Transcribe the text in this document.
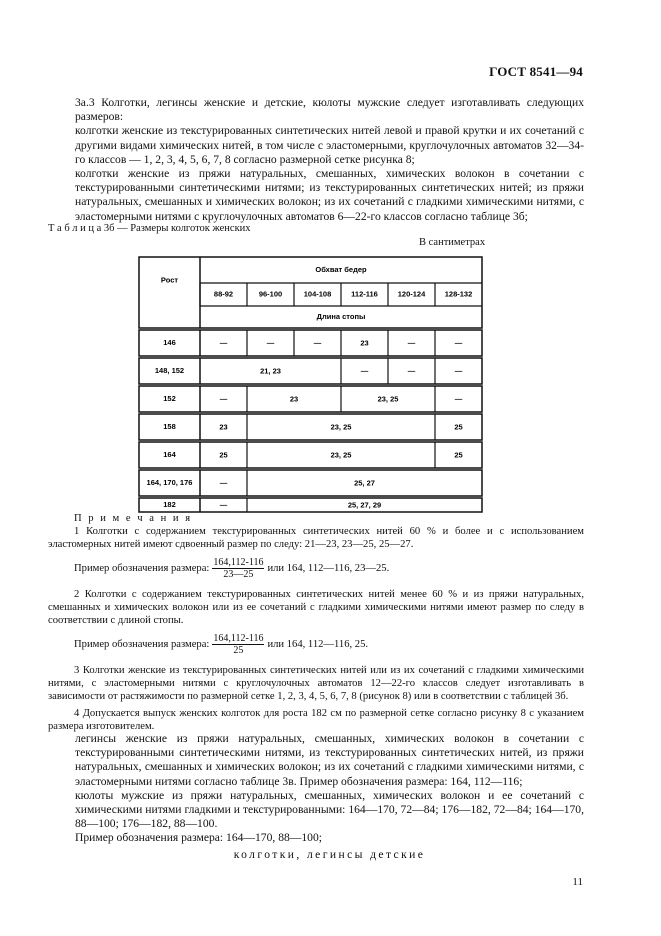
ГОСТ 8541—94

3а.3 Колготки, легинсы женские и детские, кюлоты мужские следует изготавливать следующих размеров:

колготки женские из текстурированных синтетических нитей левой и правой крутки и их сочетаний с другими видами химических нитей, в том числе с эластомерными, круглочулочных автоматов 32—34-го классов — 1, 2, 3, 4, 5, 6, 7, 8 согласно размерной сетке рисунка 8;

колготки женские из пряжи натуральных, смешанных, химических волокон в сочетании с текстурированными синтетическими нитями; из текстурированных синтетических нитей; из пряжи натуральных, смешанных и химических волокон; из их сочетаний с гладкими химическими нитями, с эластомерными нитями с круглочулочных автоматов 6—22-го классов согласно таблице 3б;

Т а б л и ц а 3б — Размеры колготок женских
В сантиметрах
Рост
Обхват бедер
88-92	96-100	104-108	112-116	120-124	128-132
Длина стопы
146	—	—	—	23	—	—
148, 152	21, 23	—	—	—
152	—	23	23, 25	—
158	23	23, 25	25
164	25	23, 25	25
164, 170, 176	—	25, 27
182	—	25, 27, 29

П р и м е ч а н и я

1 Колготки с содержанием текстурированных синтетических нитей 60 % и более и с использованием эластомерных нитей имеют сдвоенный размер по следу: 21—23, 23—25, 25—27.

Пример обозначения размера: $\frac{164,112-116}{23—25}$ или 164, 112—116, 23—25.

2 Колготки с содержанием текстурированных синтетических нитей менее 60 % и из пряжи натуральных, смешанных и химических волокон или из ее сочетаний с гладкими химическими нитями имеют размер по следу в соответствии с длиной стопы.

Пример обозначения размера: $\frac{164,112-116}{25}$ или 164, 112—116, 25.

3 Колготки женские из текстурированных синтетических нитей или из их сочетаний с гладкими химическими нитями, с эластомерными нитями с круглочулочных автоматов 12—22-го классов следует изготавливать в зависимости от растяжимости по размерной сетке 1, 2, 3, 4, 5, 6, 7, 8 (рисунок 8) или в соответствии с таблицей 3б.

4 Допускается выпуск женских колготок для роста 182 см по размерной сетке согласно рисунку 8 с указанием размера изготовителем.

легинсы женские из пряжи натуральных, смешанных, химических волокон в сочетании с текстурированными синтетическими нитями, из текстурированных синтетических нитей, из пряжи натуральных, смешанных и химических волокон; из их сочетаний с гладкими химическими нитями, с эластомерными нитями согласно таблице 3в. Пример обозначения размера: 164, 112—116;

кюлоты мужские из пряжи натуральных, смешанных, химических волокон и ее сочетаний с химическими нитями гладкими и текстурированными: 164—170, 72—84; 176—182, 72—84; 164—170, 88—100; 176—182, 88—100.

Пример обозначения размера: 164—170, 88—100;

колготки, легинсы детские

11
